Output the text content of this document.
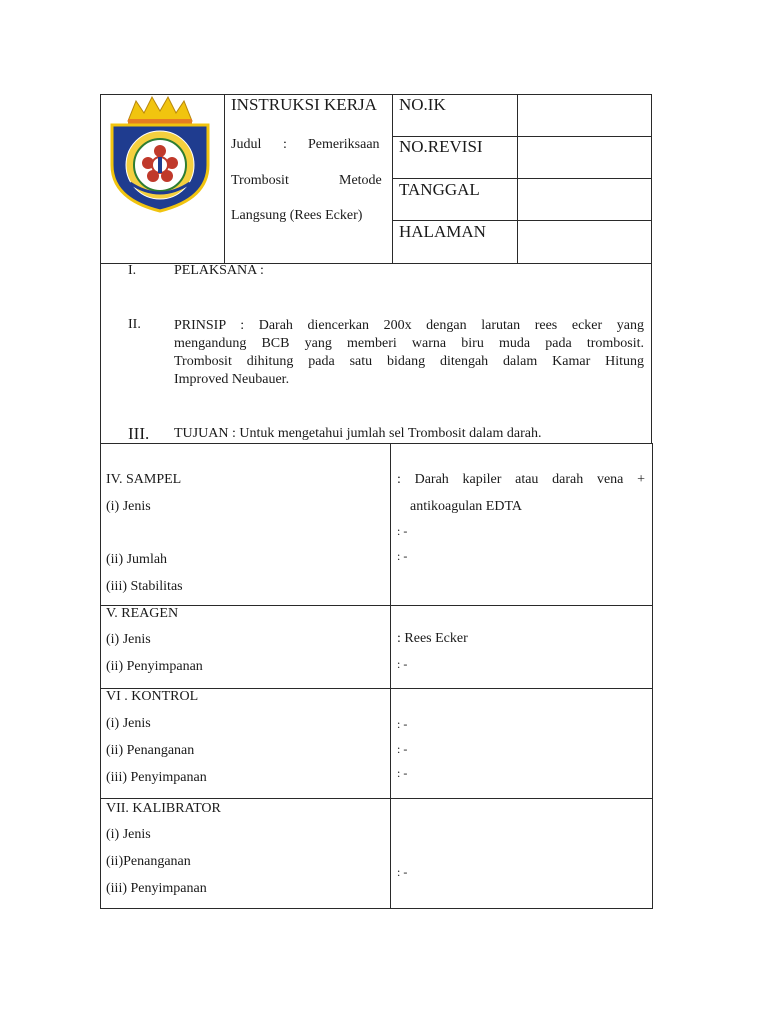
INSTRUKSI KERJA NO.IK
NO.REVISI
TANGGAL
HALAMAN
Judul : Pemeriksaan
Trombosit	Metode
Langsung (Rees Ecker)
I.	PELAKSANA :
II. PRINSIP : Darah diencerkan 200x dengan larutan rees ecker yang
mengandung BCB yang memberi warna biru muda pada trombosit.
Trombosit dihitung pada satu bidang ditengah dalam Kamar Hitung
Improved Neubauer.
III. TUJUAN : Untuk mengetahui jumlah sel Trombosit dalam darah.
IV. SAMPEL
(i) Jenis
(ii) Jumlah
(iii) Stabilitas
: Darah kapiler atau darah vena +
antikoagulan EDTA
: -
: -
V. REAGEN
(i) Jenis
(ii) Penyimpanan
: Rees Ecker
: -
VI . KONTROL
(i) Jenis
(ii) Penanganan
(iii) Penyimpanan
: -
: -
: -
VII. KALIBRATOR
(i) Jenis
(ii)Penanganan
(iii) Penyimpanan
: -
